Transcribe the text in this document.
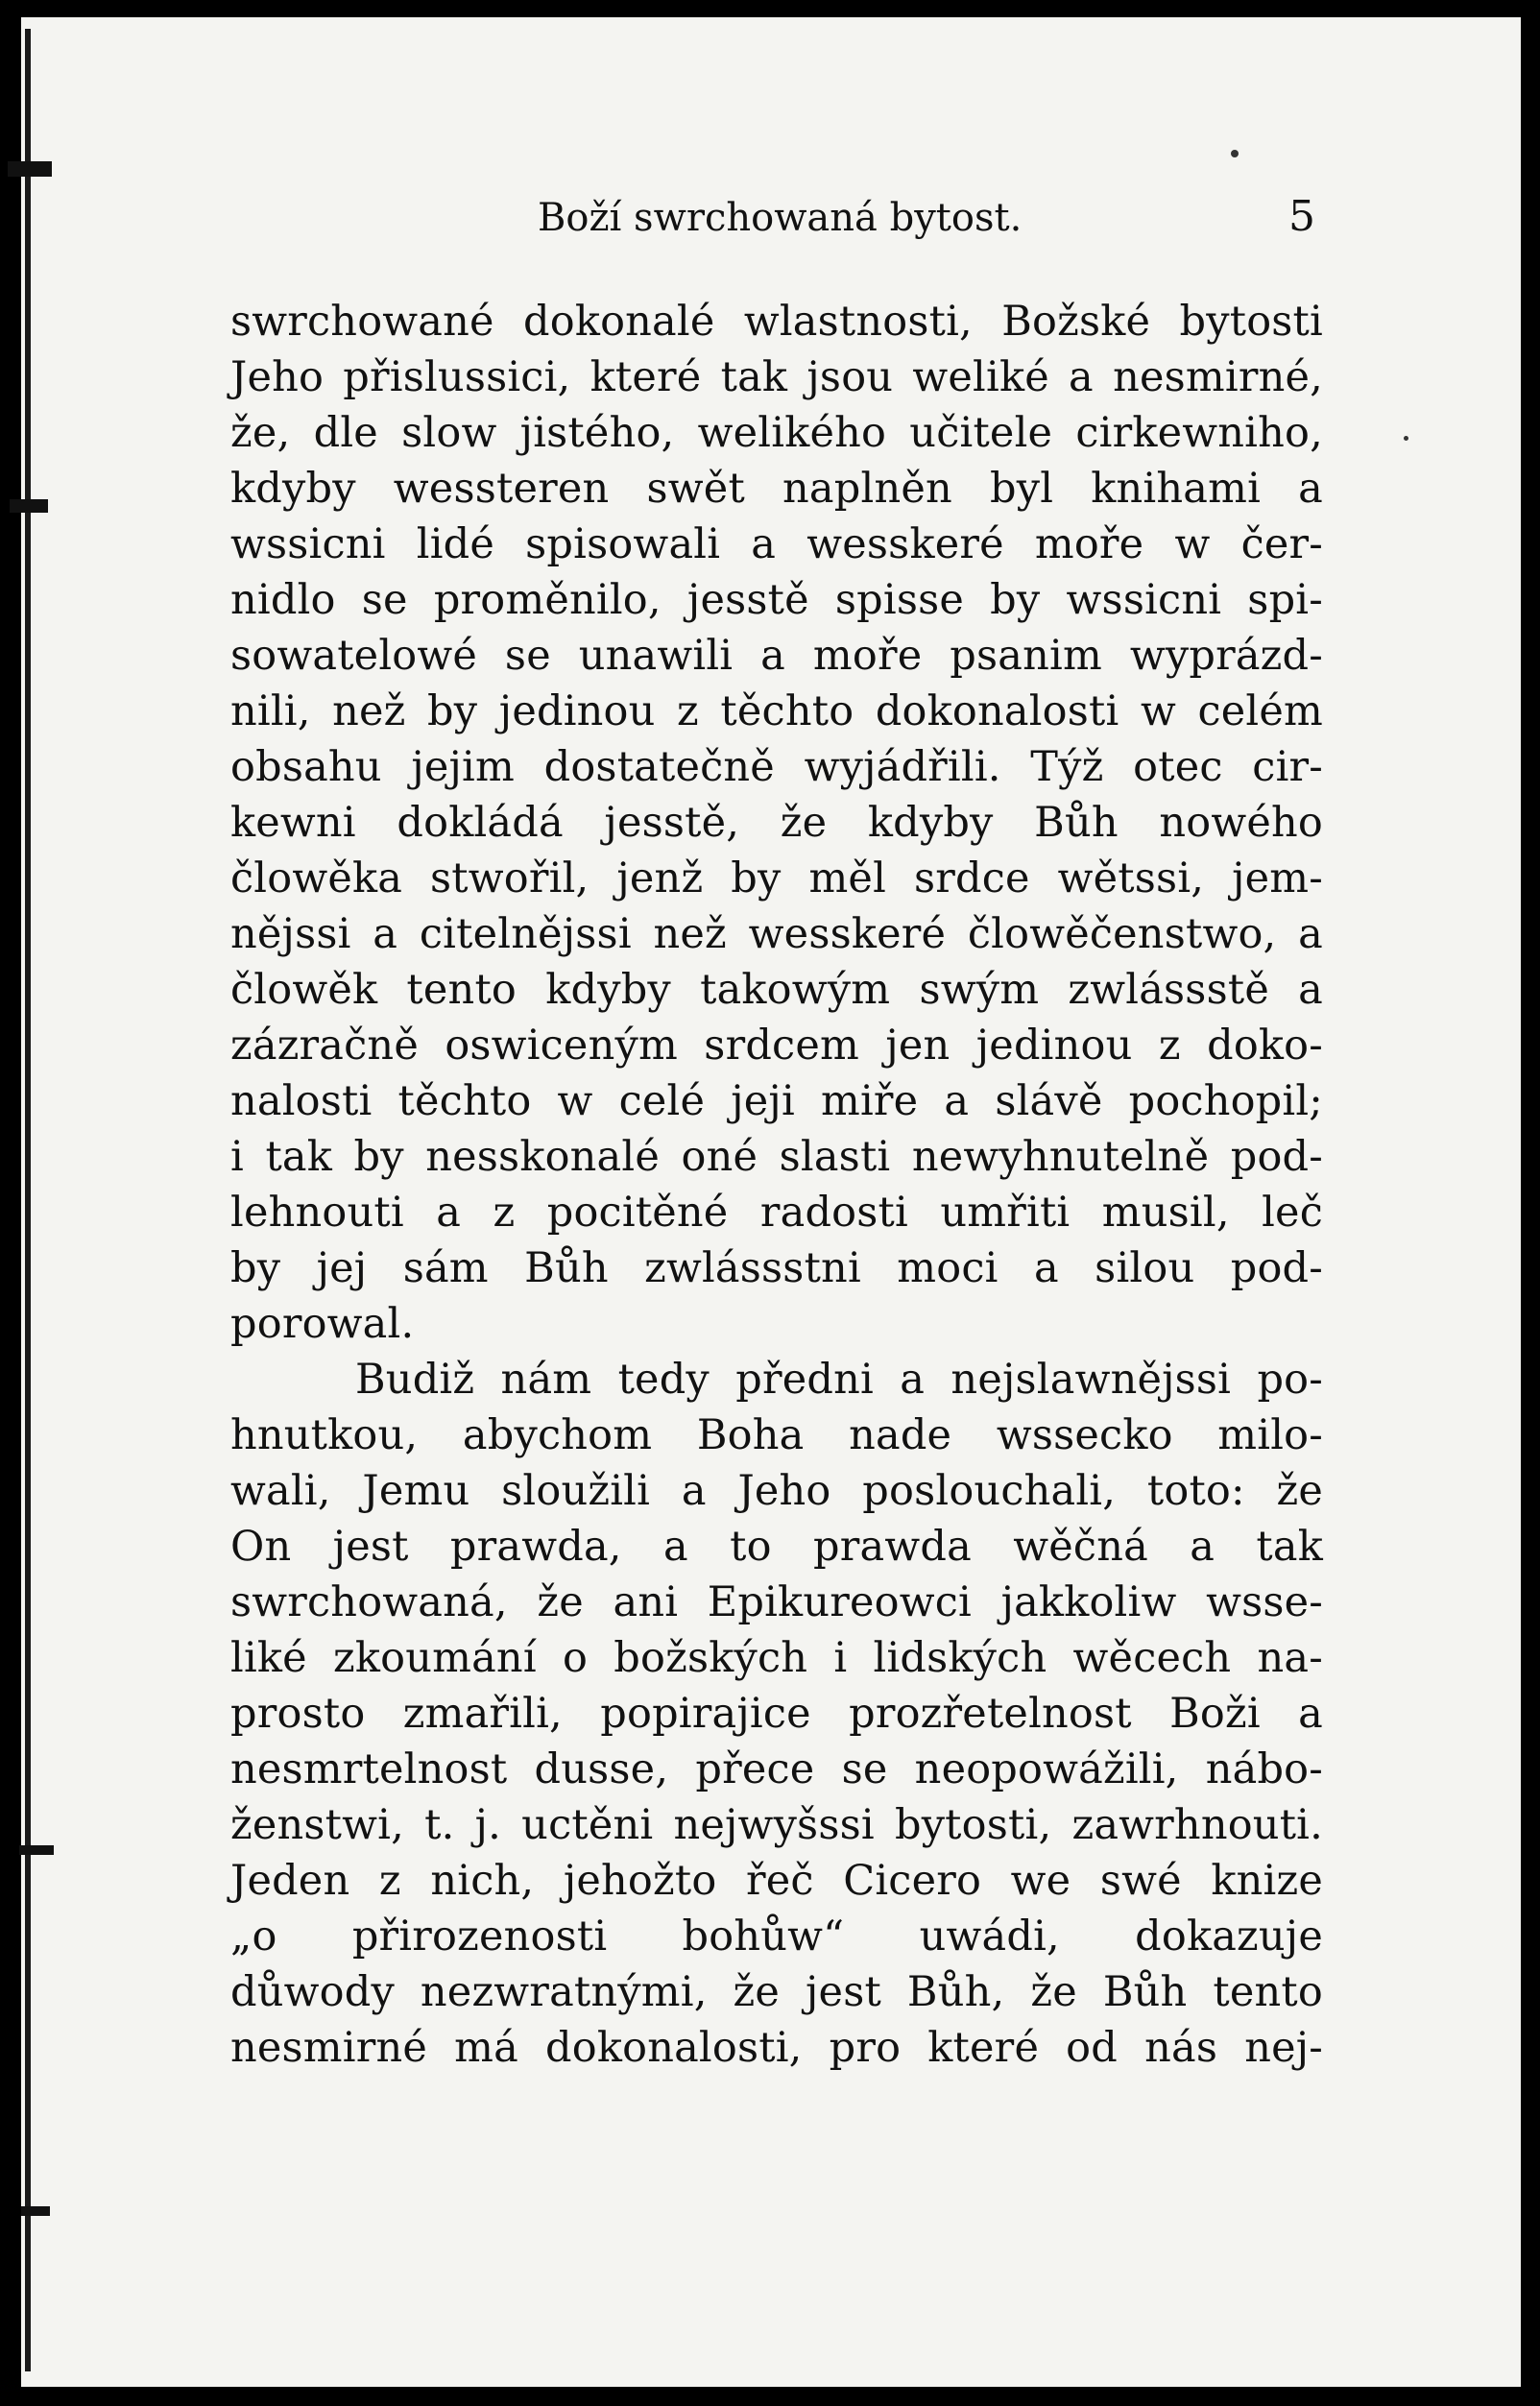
Boží swrchowaná bytost.	5
swrchowané dokonalé wlastnosti, Božské bytosti
Jeho přislussici, které tak jsou weliké a nesmirné,
že, dle slow jistého, welikého učitele cirkewniho,
kdyby wessteren swět naplněn byl knihami a
wssicni lidé spisowali a wesskeré moře w čer-
nidlo se proměnilo, jesstě spisse by wssicni spi-
sowatelowé se unawili a moře psanim wyprázd-
nili, než by jedinou z těchto dokonalosti w celém
obsahu jejim dostatečně wyjádřili. Týž otec cir-
kewni dokládá jesstě, že kdyby Bůh nowého
člowěka stwořil, jenž by měl srdce wětssi, jem-
nějssi a citelnějssi než wesskeré člowěčenstwo, a
člowěk tento kdyby takowým swým zwlássstě a
zázračně oswiceným srdcem jen jedinou z doko-
nalosti těchto w celé jeji miře a slávě pochopil;
i tak by nesskonalé oné slasti newyhnutelně pod-
lehnouti a z pocitěné radosti umřiti musil, leč
by jej sám Bůh zwlássstni moci a silou pod-
porowal.
Budiž nám tedy předni a nejslawnějssi po-
hnutkou, abychom Boha nade wssecko milo-
wali, Jemu sloužili a Jeho poslouchali, toto: že
On jest prawda, a to prawda wěčná a tak
swrchowaná, že ani Epikureowci jakkoliw wsse-
liké zkoumání o božských i lidských wěcech na-
prosto zmařili, popirajice prozřetelnost Boži a
nesmrtelnost dusse, přece se neopowážili, nábo-
ženstwi, t. j. uctěni nejwyšssi bytosti, zawrhnouti.
Jeden z nich, jehožto řeč Cicero we swé knize
„o přirozenosti bohůw“ uwádi, dokazuje
důwody nezwratnými, že jest Bůh, že Bůh tento
nesmirné má dokonalosti, pro které od nás nej-
